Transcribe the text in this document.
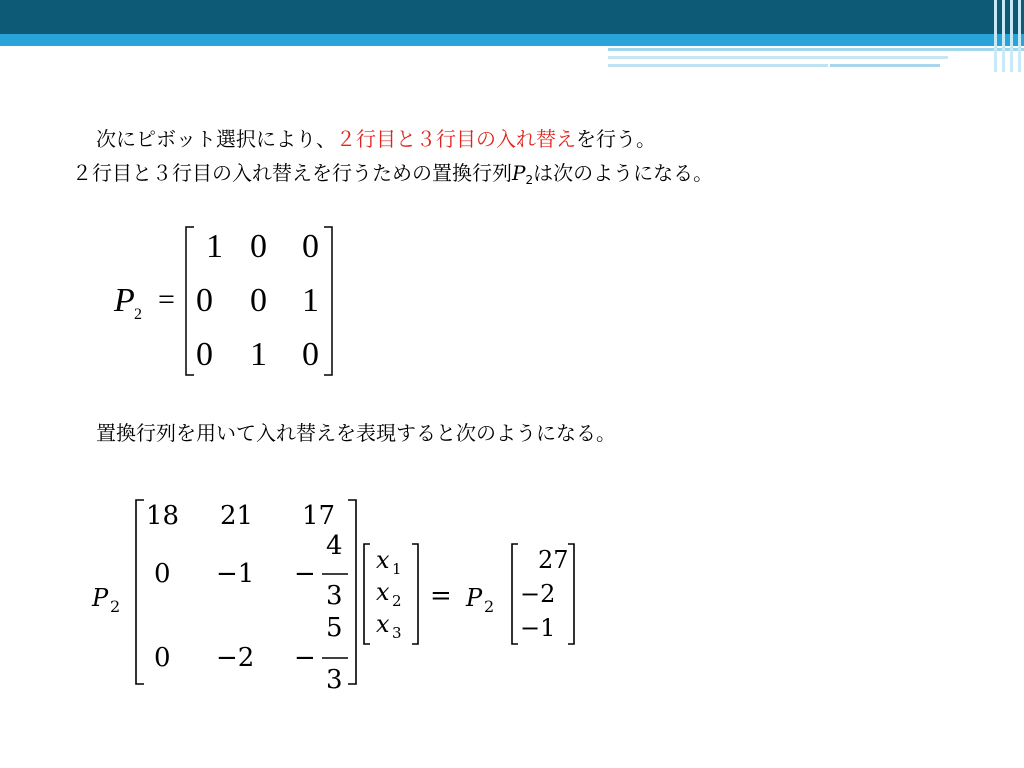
次にピボット選択により、２行目と３行目の入れ替えを行う。
２行目と３行目の入れ替えを行うための置換行列$P_2$は次のようになる。
P 2 =
1 0 0
0 0 1
0 1 0
置換行列を用いて入れ替えを表現すると次のようになる。
P 2
18 21 17
0 −1 −
4
3
0 −2 −
5
3
x 1
x 2
x 3
= P 2
27
−2
−1
